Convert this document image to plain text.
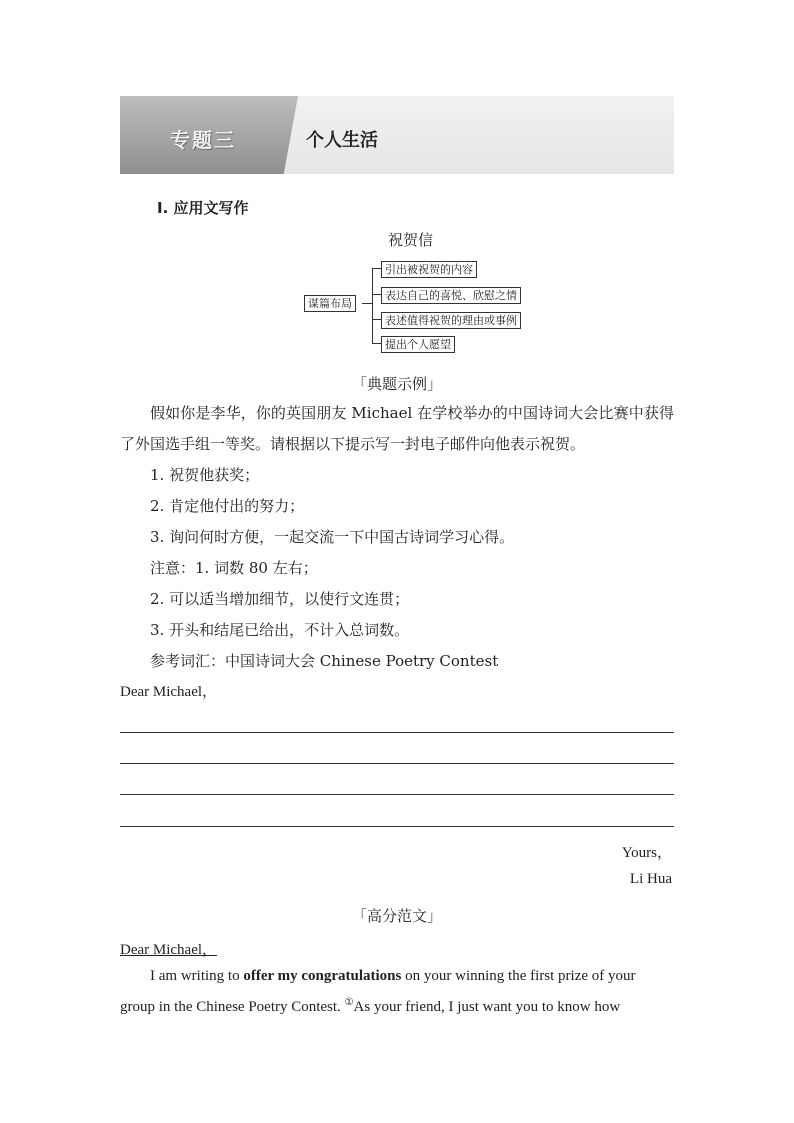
专题三	个人生活
Ⅰ. 应用文写作
祝贺信
谋篇布局
引出被祝贺的内容
表达自己的喜悦、欣慰之情
表述值得祝贺的理由或事例
提出个人愿望
「典题示例」
假如你是李华，你的英国朋友 Michael 在学校举办的中国诗词大会比赛中获得了外国选手组一等奖。请根据以下提示写一封电子邮件向他表示祝贺。
1. 祝贺他获奖；
2. 肯定他付出的努力；
3. 询问何时方便，一起交流一下中国古诗词学习心得。
注意：1. 词数 80 左右；
2. 可以适当增加细节，以使行文连贯；
3. 开头和结尾已给出，不计入总词数。
参考词汇：中国诗词大会 Chinese Poetry Contest
Dear Michael，
Yours，
Li Hua
「高分范文」
Dear Michael，
I am writing to offer my congratulations on your winning the first prize of your
group in the Chinese Poetry Contest. ①As your friend, I just want you to know how
